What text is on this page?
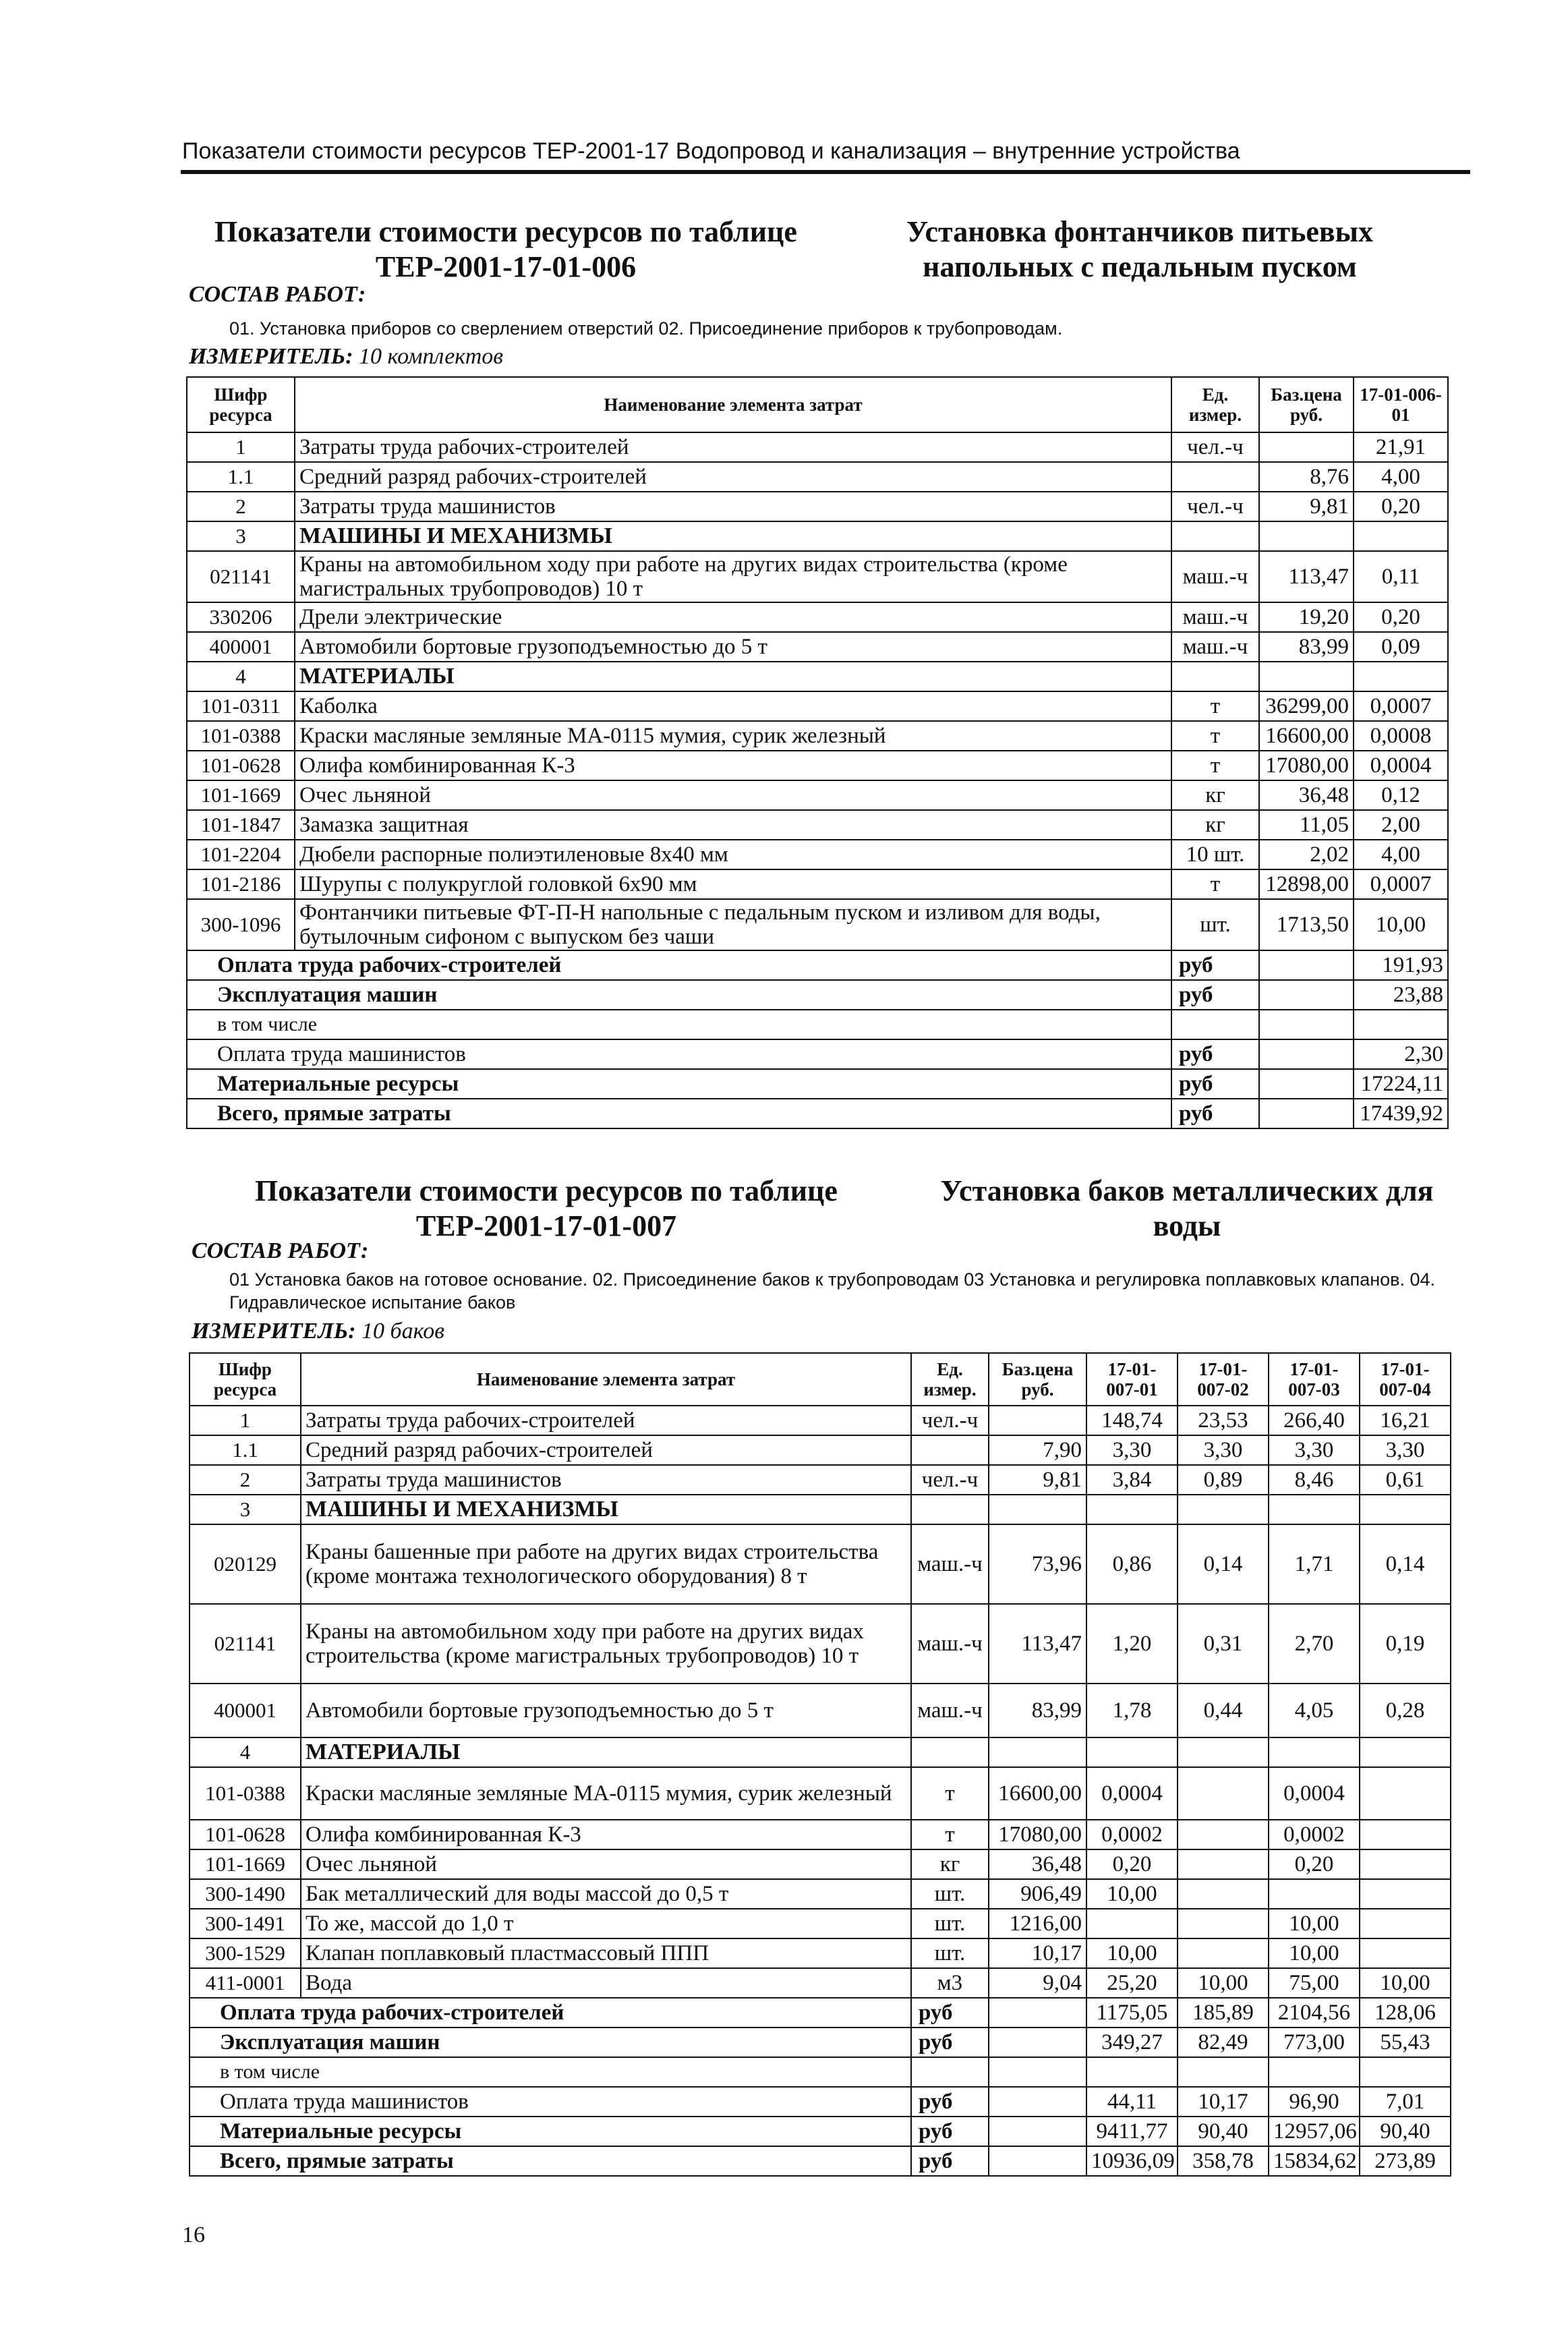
Показатели стоимости ресурсов ТЕР-2001-17 Водопровод и канализация – внутренние устройства
Показатели стоимости ресурсов по таблице ТЕР-2001-17-01-006
Установка фонтанчиков питьевых напольных с педальным пуском
СОСТАВ РАБОТ:
01. Установка приборов со сверлением отверстий 02. Присоединение приборов к трубопроводам.
ИЗМЕРИТЕЛЬ: 10 комплектов
Шифр ресурса	Наименование элемента затрат	Ед. измер.	Баз.цена руб.	17-01-006-01
1	Затраты труда рабочих-строителей	чел.-ч		21,91
1.1	Средний разряд рабочих-строителей		8,76	4,00
2	Затраты труда машинистов	чел.-ч	9,81	0,20
3	МАШИНЫ И МЕХАНИЗМЫ			
021141	Краны на автомобильном ходу при работе на других видах строительства (кроме магистральных трубопроводов) 10 т	маш.-ч	113,47	0,11
330206	Дрели электрические	маш.-ч	19,20	0,20
400001	Автомобили бортовые грузоподъемностью до 5 т	маш.-ч	83,99	0,09
4	МАТЕРИАЛЫ			
101-0311	Каболка	т	36299,00	0,0007
101-0388	Краски масляные земляные МА-0115 мумия, сурик железный	т	16600,00	0,0008
101-0628	Олифа комбинированная К-3	т	17080,00	0,0004
101-1669	Очес льняной	кг	36,48	0,12
101-1847	Замазка защитная	кг	11,05	2,00
101-2204	Дюбели распорные полиэтиленовые 8х40 мм	10 шт.	2,02	4,00
101-2186	Шурупы с полукруглой головкой 6х90 мм	т	12898,00	0,0007
300-1096	Фонтанчики питьевые ФТ-П-Н напольные с педальным пуском и изливом для воды, бутылочным сифоном с выпуском без чаши	шт.	1713,50	10,00
Оплата труда рабочих-строителей		руб		191,93
Эксплуатация машин		руб		23,88
в том числе				
Оплата труда машинистов		руб		2,30
Материальные ресурсы		руб		17224,11
Всего, прямые затраты		руб		17439,92
Показатели стоимости ресурсов по таблице ТЕР-2001-17-01-007
Установка баков металлических для воды
СОСТАВ РАБОТ:
01 Установка баков на готовое основание. 02. Присоединение баков к трубопроводам 03 Установка и регулировка поплавковых клапанов. 04. Гидравлическое испытание баков
ИЗМЕРИТЕЛЬ: 10 баков
Шифр ресурса	Наименование элемента затрат	Ед. измер.	Баз.цена руб.	17-01-007-01	17-01-007-02	17-01-007-03	17-01-007-04
1	Затраты труда рабочих-строителей	чел.-ч		148,74	23,53	266,40	16,21
1.1	Средний разряд рабочих-строителей		7,90	3,30	3,30	3,30	3,30
2	Затраты труда машинистов	чел.-ч	9,81	3,84	0,89	8,46	0,61
3	МАШИНЫ И МЕХАНИЗМЫ						
020129	Краны башенные при работе на других видах строительства (кроме монтажа технологического оборудования) 8 т	маш.-ч	73,96	0,86	0,14	1,71	0,14
021141	Краны на автомобильном ходу при работе на других видах строительства (кроме магистральных трубопроводов) 10 т	маш.-ч	113,47	1,20	0,31	2,70	0,19
400001	Автомобили бортовые грузоподъемностью до 5 т	маш.-ч	83,99	1,78	0,44	4,05	0,28
4	МАТЕРИАЛЫ						
101-0388	Краски масляные земляные МА-0115 мумия, сурик железный	т	16600,00	0,0004		0,0004	
101-0628	Олифа комбинированная К-3	т	17080,00	0,0002		0,0002	
101-1669	Очес льняной	кг	36,48	0,20		0,20	
300-1490	Бак металлический для воды массой до 0,5 т	шт.	906,49	10,00			
300-1491	То же, массой до 1,0 т	шт.	1216,00			10,00	
300-1529	Клапан поплавковый пластмассовый ППП	шт.	10,17	10,00		10,00	
411-0001	Вода	м3	9,04	25,20	10,00	75,00	10,00
Оплата труда рабочих-строителей		руб		1175,05	185,89	2104,56	128,06
Эксплуатация машин		руб		349,27	82,49	773,00	55,43
в том числе							
Оплата труда машинистов		руб		44,11	10,17	96,90	7,01
Материальные ресурсы		руб		9411,77	90,40	12957,06	90,40
Всего, прямые затраты		руб		10936,09	358,78	15834,62	273,89
16
